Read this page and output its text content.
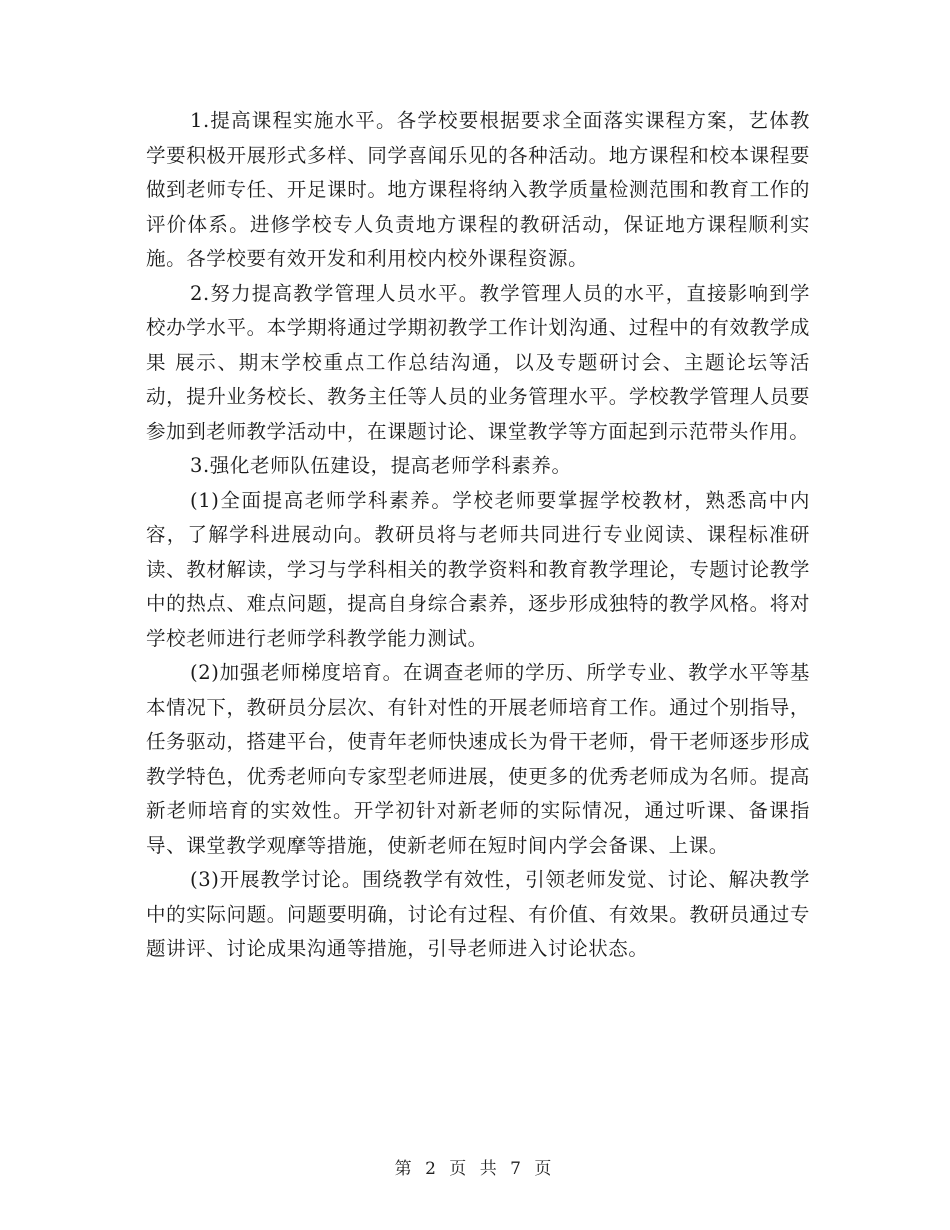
1.提高课程实施水平。各学校要根据要求全面落实课程方案，艺体教学要积极开展形式多样、同学喜闻乐见的各种活动。地方课程和校本课程要做到老师专任、开足课时。地方课程将纳入教学质量检测范围和教育工作的评价体系。进修学校专人负责地方课程的教研活动，保证地方课程顺利实施。各学校要有效开发和利用校内校外课程资源。

2.努力提高教学管理人员水平。教学管理人员的水平，直接影响到学校办学水平。本学期将通过学期初教学工作计划沟通、过程中的有效教学成果 展示、期末学校重点工作总结沟通，以及专题研讨会、主题论坛等活动，提升业务校长、教务主任等人员的业务管理水平。学校教学管理人员要参加到老师教学活动中，在课题讨论、课堂教学等方面起到示范带头作用。

3.强化老师队伍建设，提高老师学科素养。

(1)全面提高老师学科素养。学校老师要掌握学校教材，熟悉高中内容，了解学科进展动向。教研员将与老师共同进行专业阅读、课程标准研读、教材解读，学习与学科相关的教学资料和教育教学理论，专题讨论教学中的热点、难点问题，提高自身综合素养，逐步形成独特的教学风格。将对学校老师进行老师学科教学能力测试。

(2)加强老师梯度培育。在调查老师的学历、所学专业、教学水平等基本情况下，教研员分层次、有针对性的开展老师培育工作。通过个别指导，任务驱动，搭建平台，使青年老师快速成长为骨干老师，骨干老师逐步形成教学特色，优秀老师向专家型老师进展，使更多的优秀老师成为名师。提高新老师培育的实效性。开学初针对新老师的实际情况，通过听课、备课指导、课堂教学观摩等措施，使新老师在短时间内学会备课、上课。

(3)开展教学讨论。围绕教学有效性，引领老师发觉、讨论、解决教学中的实际问题。问题要明确，讨论有过程、有价值、有效果。教研员通过专题讲评、讨论成果沟通等措施，引导老师进入讨论状态。

第 2 页 共 7 页
